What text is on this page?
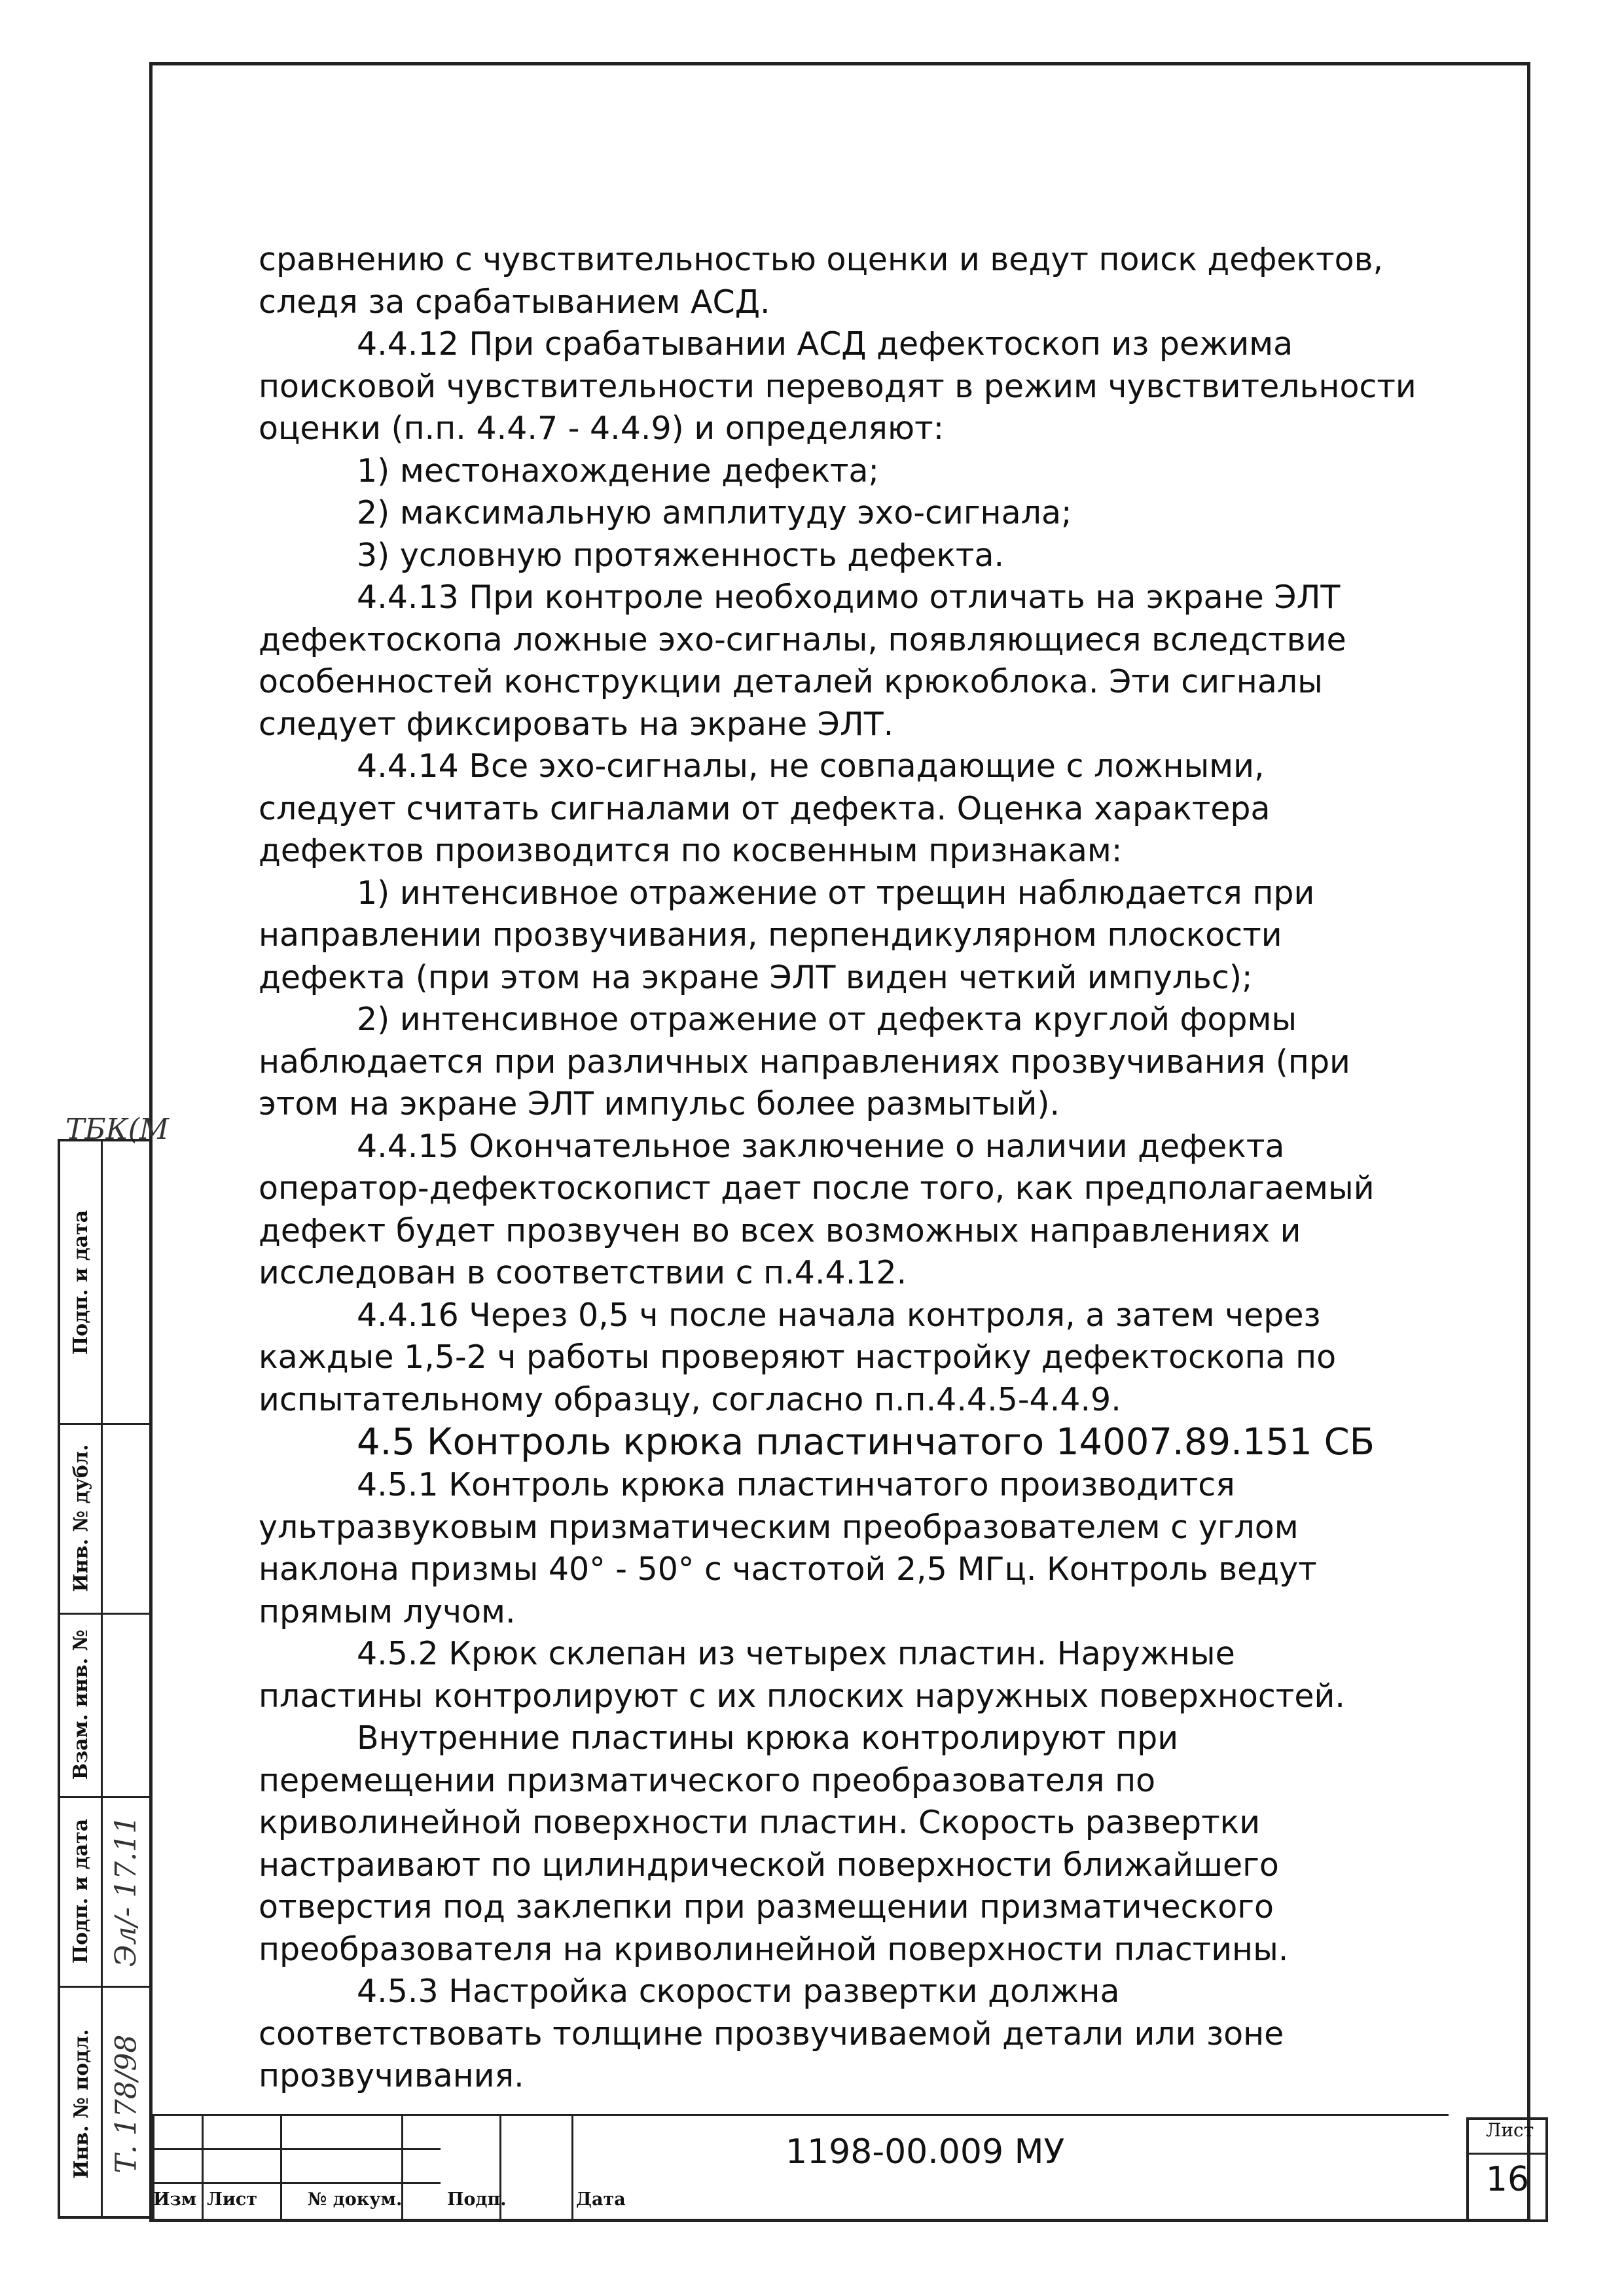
сравнению с чувствительностью оценки и ведут поиск дефектов,
следя за срабатыванием АСД.
4.4.12 При срабатывании АСД дефектоскоп из режима
поисковой чувствительности переводят в режим чувствительности
оценки (п.п. 4.4.7 - 4.4.9) и определяют:
1) местонахождение дефекта;
2) максимальную амплитуду эхо-сигнала;
3) условную протяженность дефекта.
4.4.13 При контроле необходимо отличать на экране ЭЛТ
дефектоскопа ложные эхо-сигналы, появляющиеся вследствие
особенностей конструкции деталей крюкоблока. Эти сигналы
следует фиксировать на экране ЭЛТ.
4.4.14 Все эхо-сигналы, не совпадающие с ложными,
следует считать сигналами от дефекта. Оценка характера
дефектов производится по косвенным признакам:
1) интенсивное отражение от трещин наблюдается при
направлении прозвучивания, перпендикулярном плоскости
дефекта (при этом на экране ЭЛТ виден четкий импульс);
2) интенсивное отражение от дефекта круглой формы
наблюдается при различных направлениях прозвучивания (при
этом на экране ЭЛТ импульс более размытый).
4.4.15 Окончательное заключение о наличии дефекта
оператор-дефектоскопист дает после того, как предполагаемый
дефект будет прозвучен во всех возможных направлениях и
исследован в соответствии с п.4.4.12.
4.4.16 Через 0,5 ч после начала контроля, а затем через
каждые 1,5-2 ч работы проверяют настройку дефектоскопа по
испытательному образцу, согласно п.п.4.4.5-4.4.9.
4.5 Контроль крюка пластинчатого 14007.89.151 СБ
4.5.1 Контроль крюка пластинчатого производится
ультразвуковым призматическим преобразователем с углом
наклона призмы 40° - 50° с частотой 2,5 МГц. Контроль ведут
прямым лучом.
4.5.2 Крюк склепан из четырех пластин. Наружные
пластины контролируют с их плоских наружных поверхностей.
Внутренние пластины крюка контролируют при
перемещении призматического преобразователя по
криволинейной поверхности пластин. Скорость развертки
настраивают по цилиндрической поверхности ближайшего
отверстия под заклепки при размещении призматического
преобразователя на криволинейной поверхности пластины.
4.5.3 Настройка скорости развертки должна
соответствовать толщине прозвучиваемой детали или зоне
прозвучивания.
ТБК(М
Подп. и дата
Инв. № дубл.
Взам. инв. №
Подп. и дата Эл/- 17.11
Инв. № подл. Т. 178/98
Изм Лист	№ докум.	Подп.	Дата
1198-00.009 МУ
Лист
16
